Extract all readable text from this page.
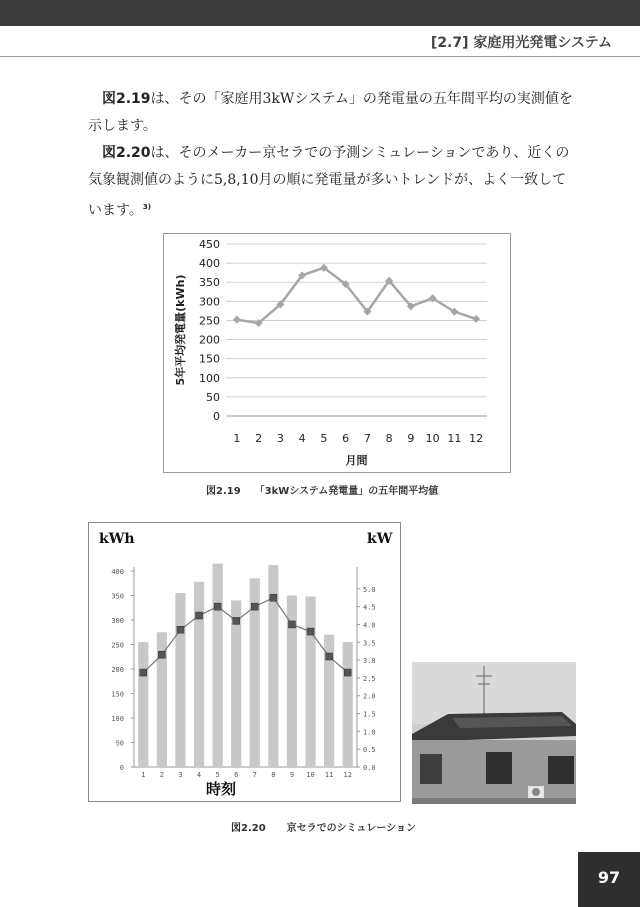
[2.7] 家庭用光発電システム

図2.19は、その「家庭用3kWシステム」の発電量の五年間平均の実測値を示します。

図2.20は、そのメーカー京セラでの予測シミュレーションであり、近くの気象観測値のように5,8,10月の順に発電量が多いトレンドが、よく一致しています。$^{3)}$

0
50
100
150
200
250
300
350
400
450
1 2 3 4 5 6 7 8 9 10 11 12
月間
5年平均発電量(kWh)
図2.19 「3kWシステム発電量」の五年間平均値
0
50
100
150
200
250
300
350
400
0.0
0.5
1.0
1.5
2.0
2.5
3.0
3.5
4.0
4.5
5.0
1 2 3 4 5 6 7 8 9 10 11 12
kWh	kW
時刻
図2.20 京セラでのシミュレーション
97
